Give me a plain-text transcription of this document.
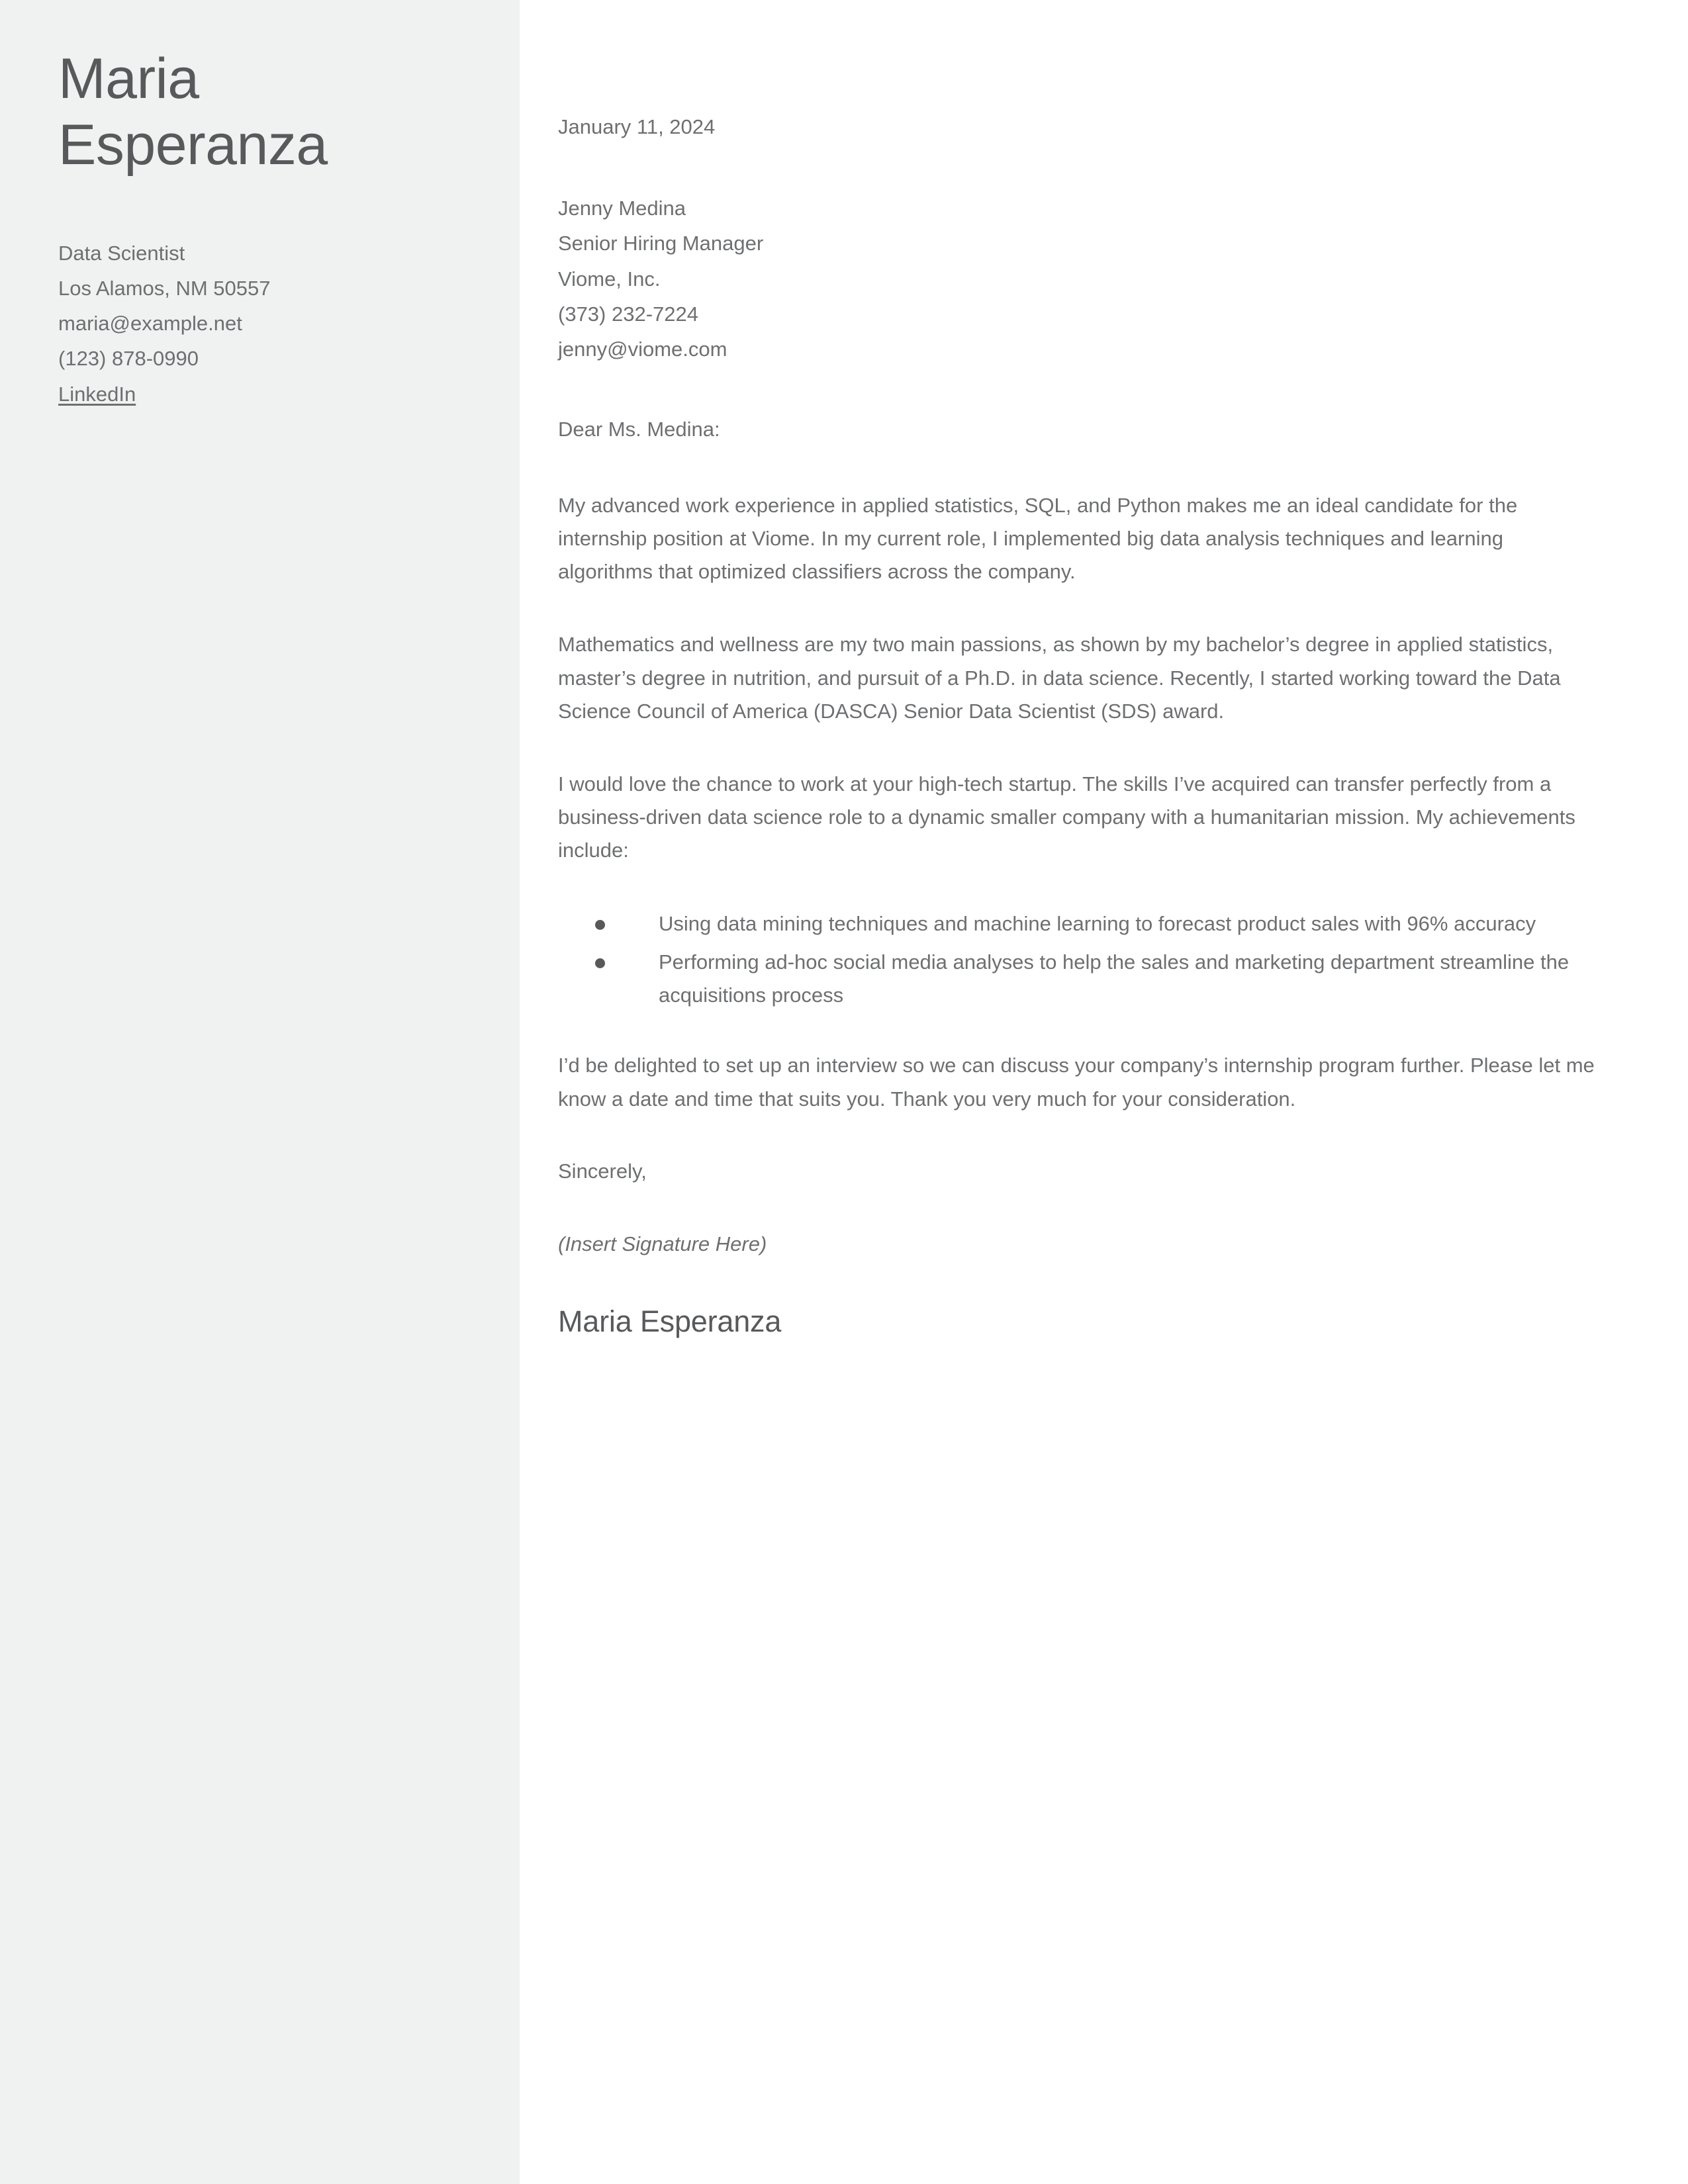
Maria
Esperanza
Data Scientist
Los Alamos, NM 50557
maria@example.net
(123) 878-0990
LinkedIn

January 11, 2024

Jenny Medina
Senior Hiring Manager
Viome, Inc.
(373) 232-7224
jenny@viome.com

Dear Ms. Medina:

My advanced work experience in applied statistics, SQL, and Python makes me an ideal candidate for the internship position at Viome. In my current role, I implemented big data analysis techniques and learning algorithms that optimized classifiers across the company.

Mathematics and wellness are my two main passions, as shown by my bachelor’s degree in applied statistics, master’s degree in nutrition, and pursuit of a Ph.D. in data science. Recently, I started working toward the Data Science Council of America (DASCA) Senior Data Scientist (SDS) award.

I would love the chance to work at your high-tech startup. The skills I’ve acquired can transfer perfectly from a business-driven data science role to a dynamic smaller company with a humanitarian mission. My achievements include:

Using data mining techniques and machine learning to forecast product sales with 96% accuracy
Performing ad-hoc social media analyses to help the sales and marketing department streamline the acquisitions process

I’d be delighted to set up an interview so we can discuss your company’s internship program further. Please let me know a date and time that suits you. Thank you very much for your consideration.

Sincerely,

(Insert Signature Here)

Maria Esperanza
